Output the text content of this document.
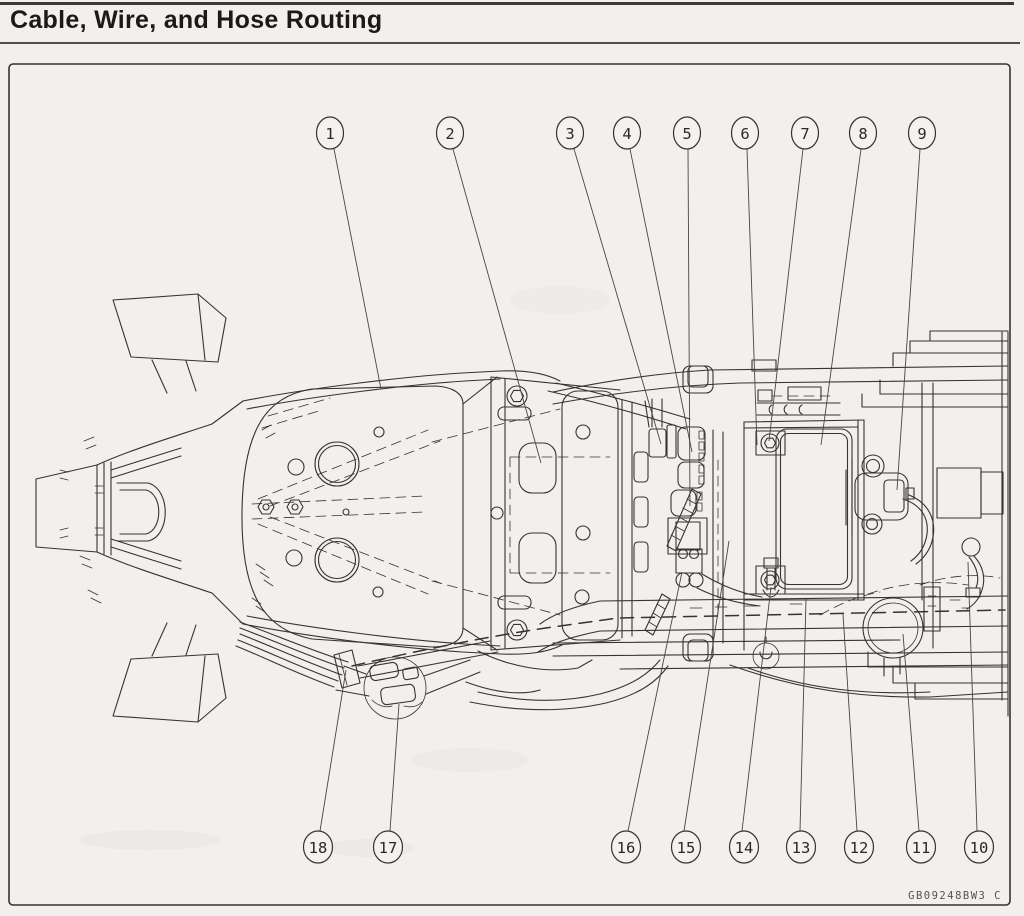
Cable, Wire, and Hose Routing
1	2	3	4	5	6	7	8	9
18	17	16	15	14 13	12	11	10
GB09248BW3 C
